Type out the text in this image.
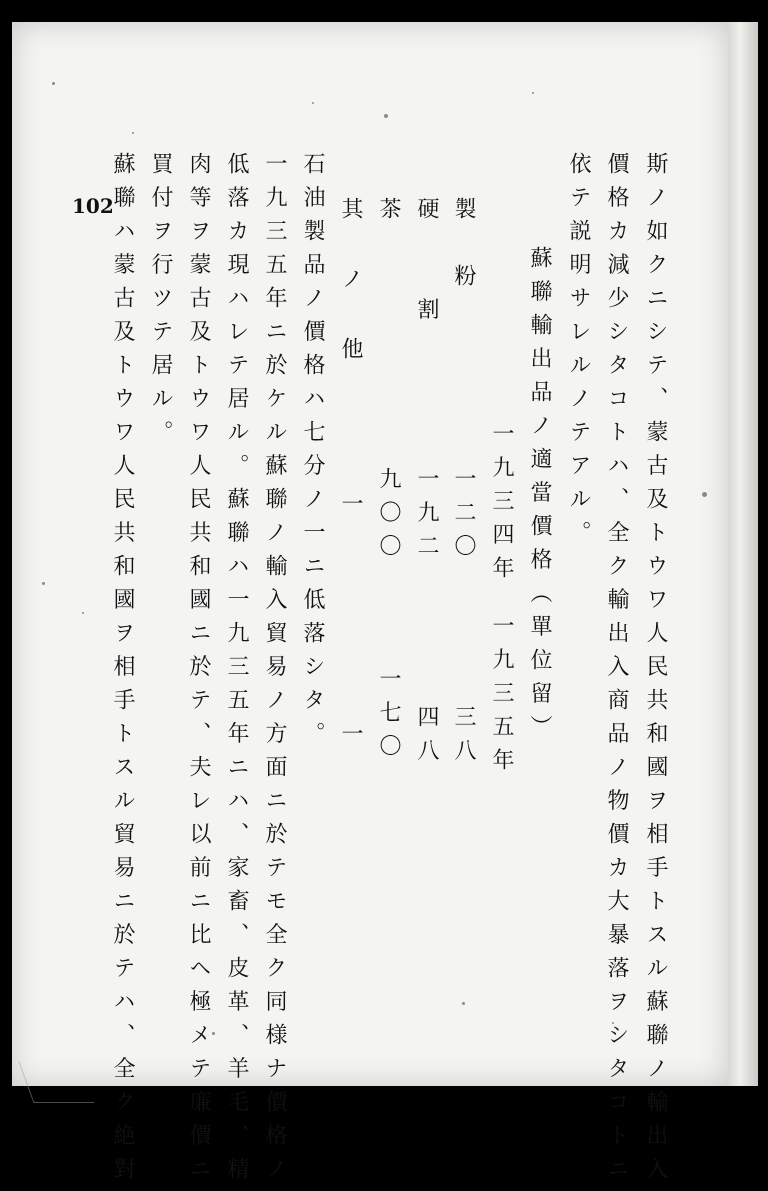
102	斯ノ如クニシテ、蒙古及トウワ人民共和國ヲ相手トスル蘇聯ノ輸出入
價格カ減少シタコトハ、全ク輸出入商品ノ物價カ大暴落ヲシタコトニ
依テ説明サレルノテアル。
蘇聯輸出品ノ適當價格（單位留）
一九三四年
一九三五年
製　粉
一二〇
三八
硬　　割
一九二
四八
茶
九〇〇
一七〇
其ノ他
一
一
石油製品ノ價格ハ七分ノ一ニ低落シタ。
一九三五年ニ於ケル蘇聯ノ輸入貿易ノ方面ニ於テモ全ク同様ナ價格ノ
低落カ現ハレテ居ル。蘇聯ハ一九三五年ニハ、家畜、皮革、羊毛、精
肉等ヲ蒙古及トウワ人民共和國ニ於テ、夫レ以前ニ比ヘ極メテ廉價ニ
買付ヲ行ツテ居ル。
蘇聯ハ蒙古及トウワ人民共和國ヲ相手トスル貿易ニ於テハ、全ク絶對
